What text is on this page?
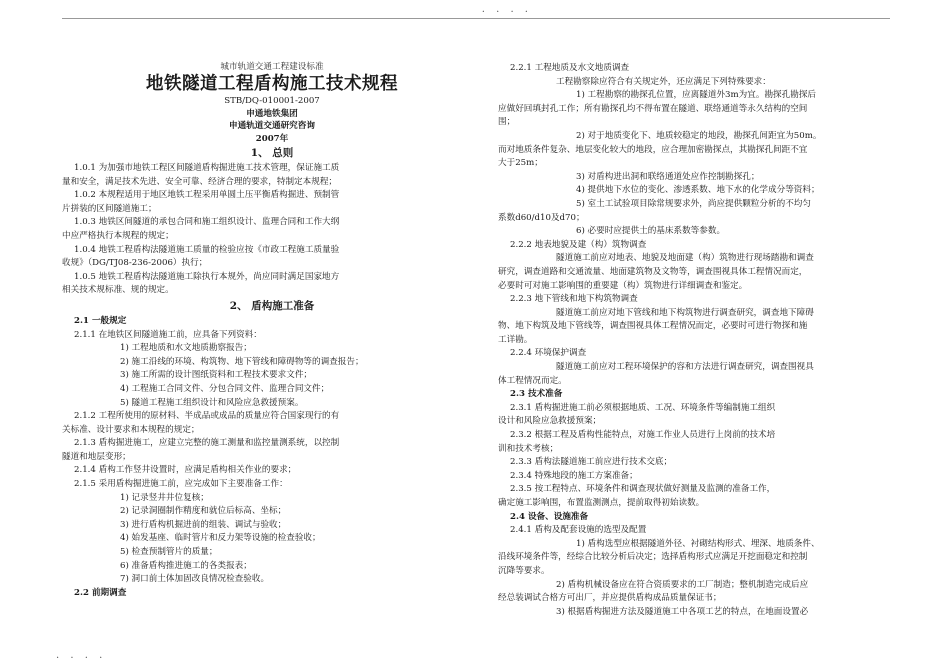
. . . .
城市轨道交通工程建设标准
地铁隧道工程盾构施工技术规程
STB/DQ-010001-2007
申通地铁集团
申通轨道交通研究咨询
2007年
1、 总则
1.0.1 为加强市地铁工程区间隧道盾构掘进施工技术管理，保证施工质
量和安全，满足技术先进、安全可靠、经济合理的要求，特制定本规程；
1.0.2 本规程适用于地区地铁工程采用单圆土压平衡盾构掘进、预制管
片拼装的区间隧道施工；
1.0.3 地铁区间隧道的承包合同和施工组织设计、监理合同和工作大纲
中应严格执行本规程的规定；
1.0.4 地铁工程盾构法隧道施工质量的检验应按《市政工程施工质量验
收规》（DG/TJ08-236-2006）执行；
1.0.5 地铁工程盾构法隧道施工除执行本规外，尚应同时满足国家地方
相关技术规标准、规的规定。
2、 盾构施工准备
2.1 一般规定
2.1.1 在地铁区间隧道施工前，应具备下列资料：
1) 工程地质和水文地质勘察报告；
2) 施工沿线的环境、构筑物、地下管线和障碍物等的调查报告；
3) 施工所需的设计图纸资料和工程技术要求文件；
4) 工程施工合同文件、分包合同文件、监理合同文件；
5) 隧道工程施工组织设计和风险应急救援预案。
2.1.2 工程所使用的原材料、半成品或成品的质量应符合国家现行的有
关标准、设计要求和本规程的规定；
2.1.3 盾构掘进施工，应建立完整的施工测量和监控量测系统，以控制
隧道和地层变形；
2.1.4 盾构工作竖井设置时，应满足盾构相关作业的要求；
2.1.5 采用盾构掘进施工前，应完成如下主要准备工作：
1) 记录竖井井位复核；
2) 记录洞圈制作精度和就位后标高、坐标；
3) 进行盾构机掘进前的组装、调试与验收；
4) 始发基座、临时管片和反力架等设施的检查验收；
5) 检查预制管片的质量；
6) 准备盾构推进施工的各类报表；
7) 洞口前土体加固改良情况检查验收。
2.2 前期调查
2.2.1 工程地质及水文地质调查
工程勘察除应符合有关规定外，还应满足下列特殊要求：
1) 工程勘察的勘探孔位置，应离隧道外3m为宜。勘探孔勘探后
应做好回填封孔工作；所有勘探孔均不得布置在隧道、联络通道等永久结构的空间
围；
2) 对于地质变化下、地质较稳定的地段，勘探孔间距宜为50m。
而对地质条件复杂、地层变化较大的地段，应合理加密勘探点，其勘探孔间距不宜
大于25m；
3) 对盾构进出洞和联络通道处应作控制勘探孔；
4) 提供地下水位的变化、渗透系数、地下水的化学成分等资料；
5) 室土工试验项目除常规要求外，尚应提供颗粒分析的不均匀
系数d60/d10及d70；
6) 必要时应提供土的基床系数等参数。
2.2.2 地表地貌及建（构）筑物调查
隧道施工前应对地表、地貌及地面建（构）筑物进行现场踏勘和调查
研究，调查道路和交通流量、地面建筑物及文物等，调查围视具体工程情况而定，
必要时可对施工影响围的重要建（构）筑物进行详细调查和鉴定。
2.2.3 地下管线和地下构筑物调查
隧道施工前应对地下管线和地下构筑物进行调查研究，调查地下障碍
物、地下构筑及地下管线等，调查围视具体工程情况而定，必要时可进行物探和施
工详勘。
2.2.4 环境保护调查
隧道施工前应对工程环境保护的容和方法进行调查研究，调查围视具
体工程情况而定。
2.3 技术准备
2.3.1 盾构掘进施工前必须根据地质、工况、环境条件等编制施工组织
设计和风险应急救援预案；
2.3.2 根据工程及盾构性能特点，对施工作业人员进行上岗前的技术培
训和技术考核；
2.3.3 盾构法隧道施工前应进行技术交底；
2.3.4 特殊地段的施工方案准备；
2.3.5 按工程特点、环境条件和调查现状做好测量及监测的准备工作，
确定施工影响围，布置监测测点，提前取得初始读数。
2.4 设备、设施准备
2.4.1 盾构及配套设施的选型及配置
1) 盾构选型应根据隧道外径、衬砌结构形式、埋深、地质条件、
沿线环境条件等，经综合比较分析后决定；选择盾构形式应满足开挖面稳定和控制
沉降等要求。
2) 盾构机械设备应在符合资质要求的工厂制造；整机制造完成后应
经总装调试合格方可出厂，并应提供盾构成品质量保证书；
3) 根据盾构掘进方法及隧道施工中各项工艺的特点，在地面设置必
. . . .
